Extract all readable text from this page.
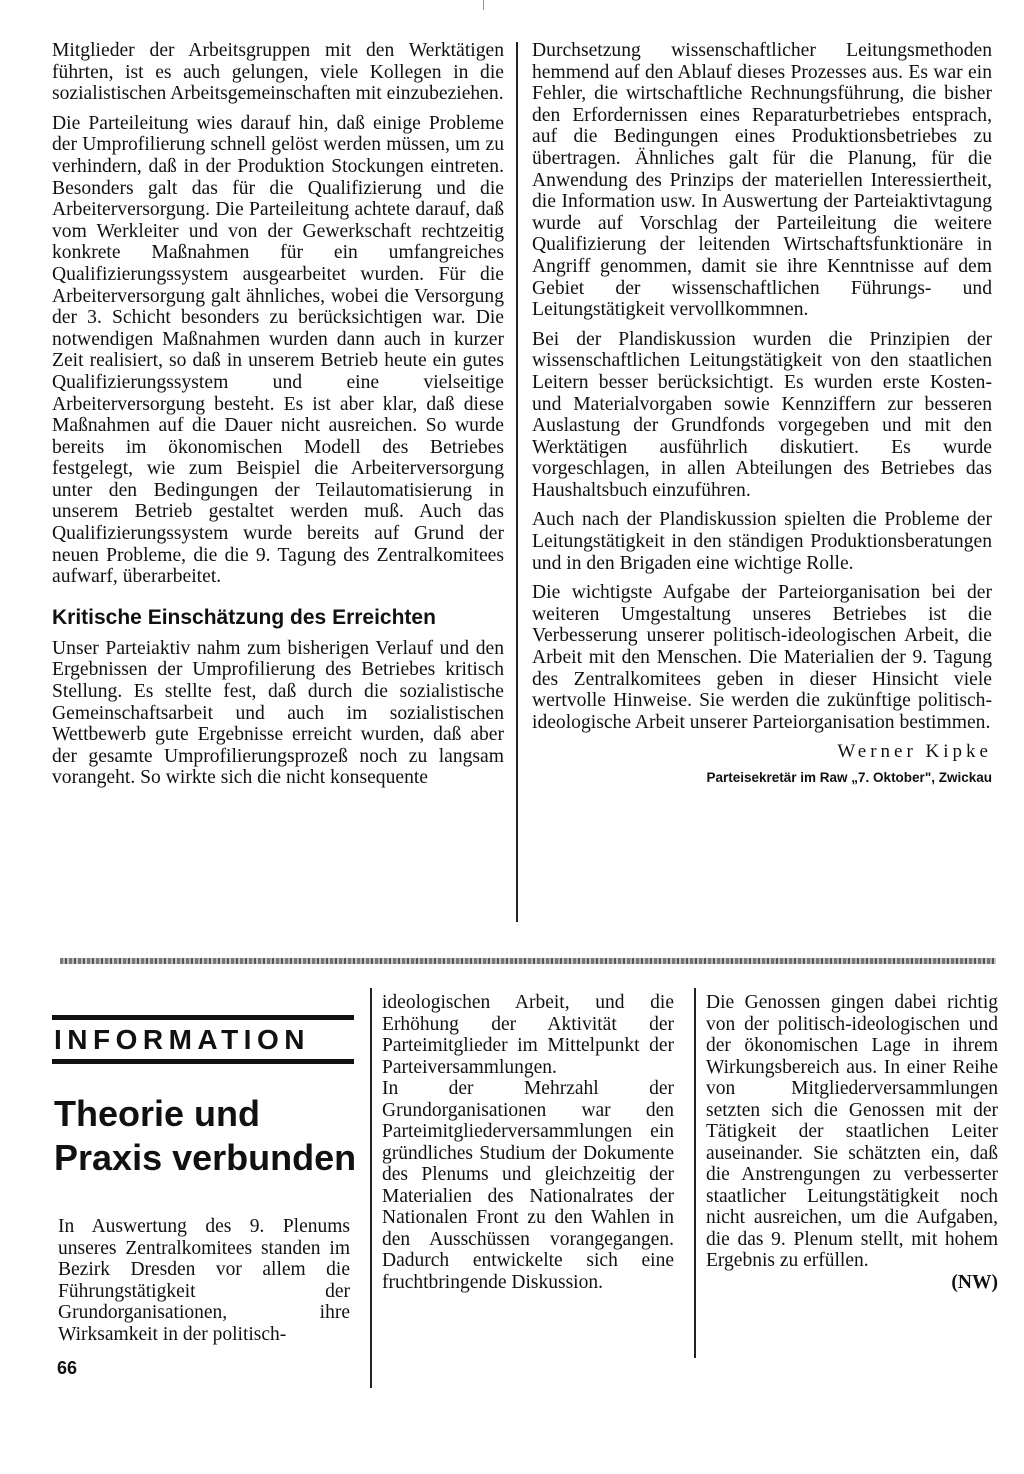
Mitglieder der Arbeitsgruppen mit den Werktätigen führten, ist es auch gelungen, viele Kollegen in die sozialistischen Arbeitsgemeinschaften mit einzubeziehen.

Die Parteileitung wies darauf hin, daß einige Probleme der Umprofilierung schnell gelöst werden müssen, um zu verhindern, daß in der Produktion Stockungen eintreten. Besonders galt das für die Qualifizierung und die Arbeiterversorgung. Die Parteileitung achtete darauf, daß vom Werkleiter und von der Gewerkschaft rechtzeitig konkrete Maßnahmen für ein umfangreiches Qualifizierungssystem ausgearbeitet wurden. Für die Arbeiterversorgung galt ähnliches, wobei die Versorgung der 3. Schicht besonders zu berücksichtigen war. Die notwendigen Maßnahmen wurden dann auch in kurzer Zeit realisiert, so daß in unserem Betrieb heute ein gutes Qualifizierungssystem und eine vielseitige Arbeiterversorgung besteht. Es ist aber klar, daß diese Maßnahmen auf die Dauer nicht ausreichen. So wurde bereits im ökonomischen Modell des Betriebes festgelegt, wie zum Beispiel die Arbeiterversorgung unter den Bedingungen der Teilautomatisierung in unserem Betrieb gestaltet werden muß. Auch das Qualifizierungssystem wurde bereits auf Grund der neuen Probleme, die die 9. Tagung des Zentralkomitees aufwarf, überarbeitet.

Kritische Einschätzung des Erreichten

Unser Parteiaktiv nahm zum bisherigen Verlauf und den Ergebnissen der Umprofilierung des Betriebes kritisch Stellung. Es stellte fest, daß durch die sozialistische Gemeinschaftsarbeit und auch im sozialistischen Wettbewerb gute Ergebnisse erreicht wurden, daß aber der gesamte Umprofilierungsprozeß noch zu langsam vorangeht. So wirkte sich die nicht konsequente

Durchsetzung wissenschaftlicher Leitungsmethoden hemmend auf den Ablauf dieses Prozesses aus. Es war ein Fehler, die wirtschaftliche Rechnungsführung, die bisher den Erfordernissen eines Reparaturbetriebes entsprach, auf die Bedingungen eines Produktionsbetriebes zu übertragen. Ähnliches galt für die Planung, für die Anwendung des Prinzips der materiellen Interessiertheit, die Information usw. In Auswertung der Parteiaktivtagung wurde auf Vorschlag der Parteileitung die weitere Qualifizierung der leitenden Wirtschaftsfunktionäre in Angriff genommen, damit sie ihre Kenntnisse auf dem Gebiet der wissenschaftlichen Führungs- und Leitungstätigkeit vervollkommnen.

Bei der Plandiskussion wurden die Prinzipien der wissenschaftlichen Leitungstätigkeit von den staatlichen Leitern besser berücksichtigt. Es wurden erste Kosten- und Materialvorgaben sowie Kennziffern zur besseren Auslastung der Grundfonds vorgegeben und mit den Werktätigen ausführlich diskutiert. Es wurde vorgeschlagen, in allen Abteilungen des Betriebes das Haushaltsbuch einzuführen.

Auch nach der Plandiskussion spielten die Probleme der Leitungstätigkeit in den ständigen Produktionsberatungen und in den Brigaden eine wichtige Rolle.

Die wichtigste Aufgabe der Parteiorganisation bei der weiteren Umgestaltung unseres Betriebes ist die Verbesserung unserer politisch-ideologischen Arbeit, die Arbeit mit den Menschen. Die Materialien der 9. Tagung des Zentralkomitees geben in dieser Hinsicht viele wertvolle Hinweise. Sie werden die zukünftige politisch-ideologische Arbeit unserer Parteiorganisation bestimmen.

Werner Kipke
Parteisekretär im Raw „7. Oktober", Zwickau
INFORMATION
Theorie und
Praxis verbunden

In Auswertung des 9. Plenums unseres Zentralkomitees standen im Bezirk Dresden vor allem die Führungstätigkeit der Grundorganisationen, ihre Wirksamkeit in der politisch-

ideologischen Arbeit, und die Erhöhung der Aktivität der Parteimitglieder im Mittelpunkt der Parteiversammlungen.

In der Mehrzahl der Grundorganisationen war den Parteimitgliederversammlungen ein gründliches Studium der Dokumente des Plenums und gleichzeitig der Materialien des Nationalrates der Nationalen Front zu den Wahlen in den Ausschüssen vorangegangen. Dadurch entwickelte sich eine fruchtbringende Diskussion.

Die Genossen gingen dabei richtig von der politisch-ideologischen und der ökonomischen Lage in ihrem Wirkungsbereich aus. In einer Reihe von Mitgliederversammlungen setzten sich die Genossen mit der Tätigkeit der staatlichen Leiter auseinander. Sie schätzten ein, daß die Anstrengungen zu verbesserter staatlicher Leitungstätigkeit noch nicht ausreichen, um die Aufgaben, die das 9. Plenum stellt, mit hohem Ergebnis zu erfüllen.

(NW)
66
